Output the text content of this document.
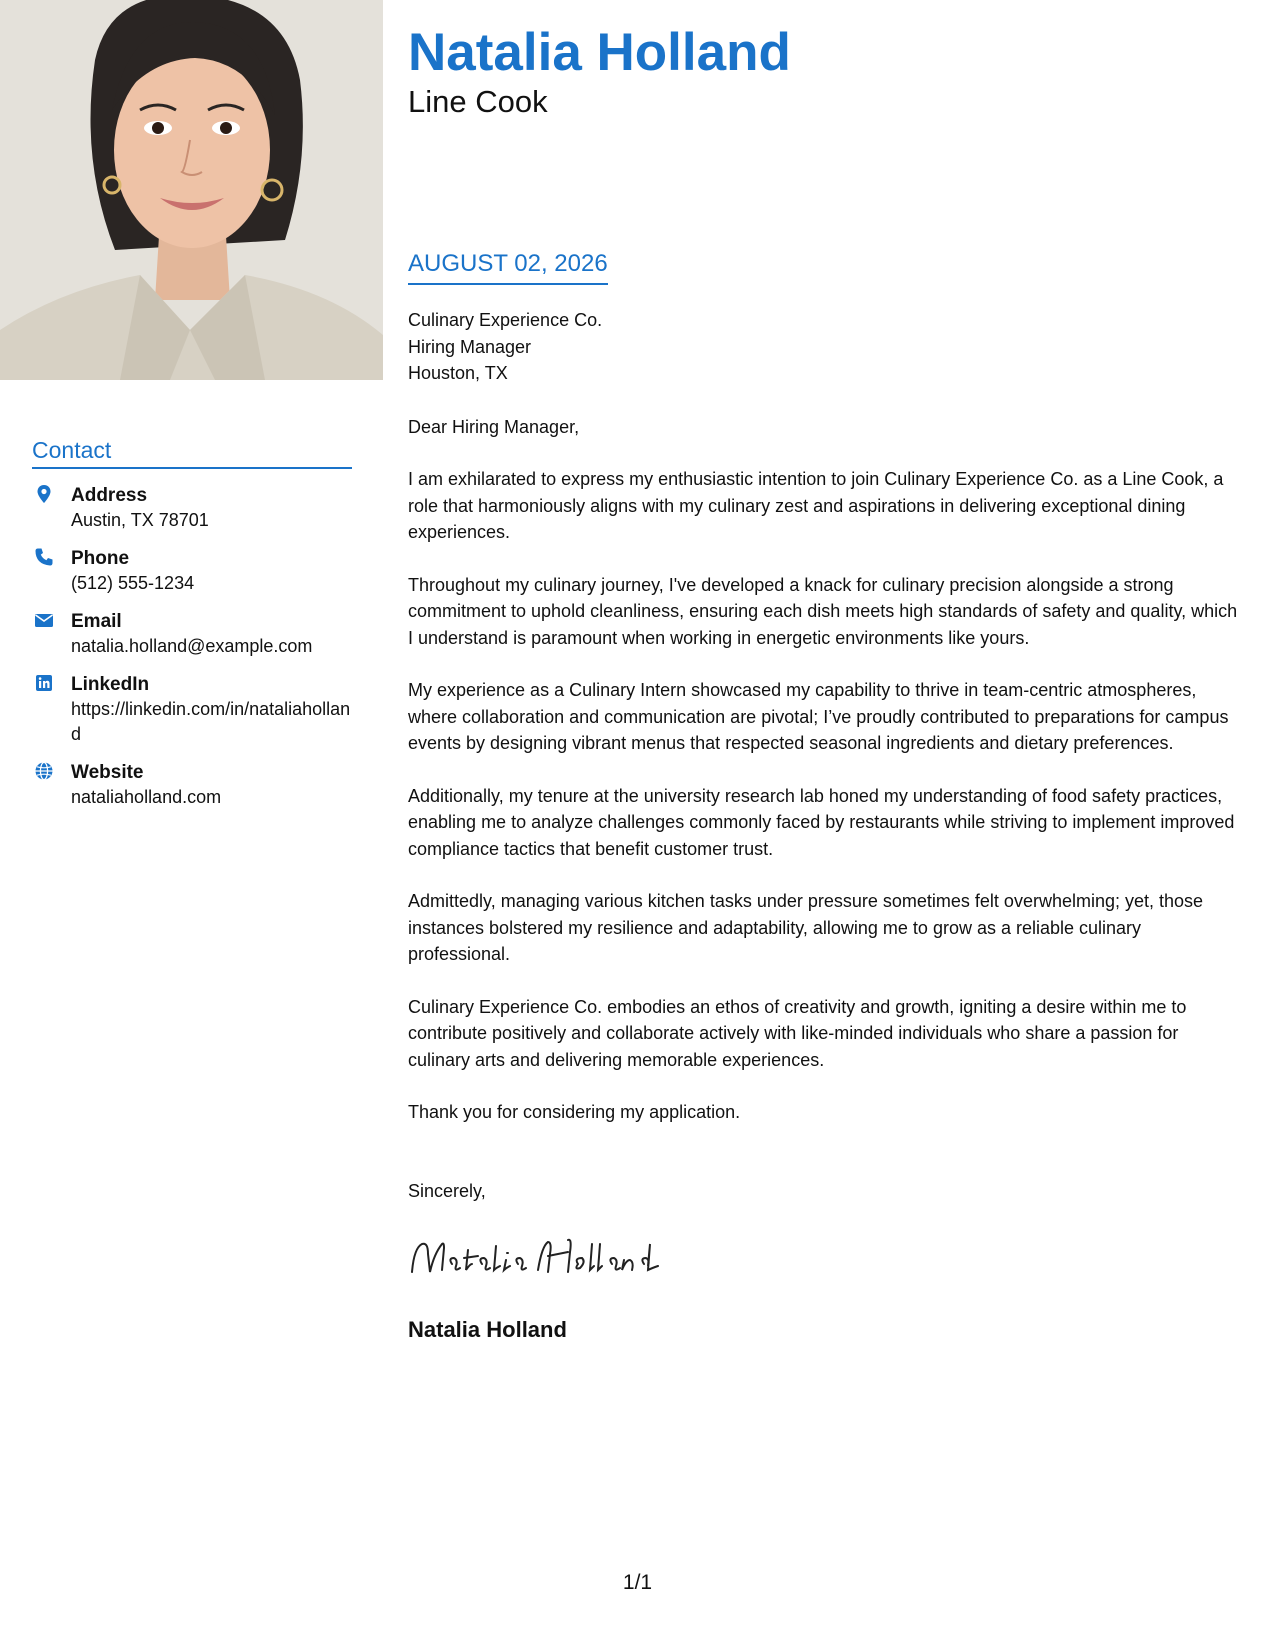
Contact
Address
Austin, TX 78701
Phone
(512) 555-1234
Email
natalia.holland@example.com
LinkedIn
https://linkedin.com/in/nataliaholland
Website
nataliaholland.com
Natalia Holland

Line Cook

AUGUST 02, 2026

Culinary Experience Co.

Hiring Manager

Houston, TX

Dear Hiring Manager,

I am exhilarated to express my enthusiastic intention to join Culinary Experience Co. as a Line Cook, a role that harmoniously aligns with my culinary zest and aspirations in delivering exceptional dining experiences.

Throughout my culinary journey, I've developed a knack for culinary precision alongside a strong commitment to uphold cleanliness, ensuring each dish meets high standards of safety and quality, which I understand is paramount when working in energetic environments like yours.

My experience as a Culinary Intern showcased my capability to thrive in team-centric atmospheres, where collaboration and communication are pivotal; I’ve proudly contributed to preparations for campus events by designing vibrant menus that respected seasonal ingredients and dietary preferences.

Additionally, my tenure at the university research lab honed my understanding of food safety practices, enabling me to analyze challenges commonly faced by restaurants while striving to implement improved compliance tactics that benefit customer trust.

Admittedly, managing various kitchen tasks under pressure sometimes felt overwhelming; yet, those instances bolstered my resilience and adaptability, allowing me to grow as a reliable culinary professional.

Culinary Experience Co. embodies an ethos of creativity and growth, igniting a desire within me to contribute positively and collaborate actively with like-minded individuals who share a passion for culinary arts and delivering memorable experiences.

Thank you for considering my application.

Sincerely,

Natalia Holland
1/1
